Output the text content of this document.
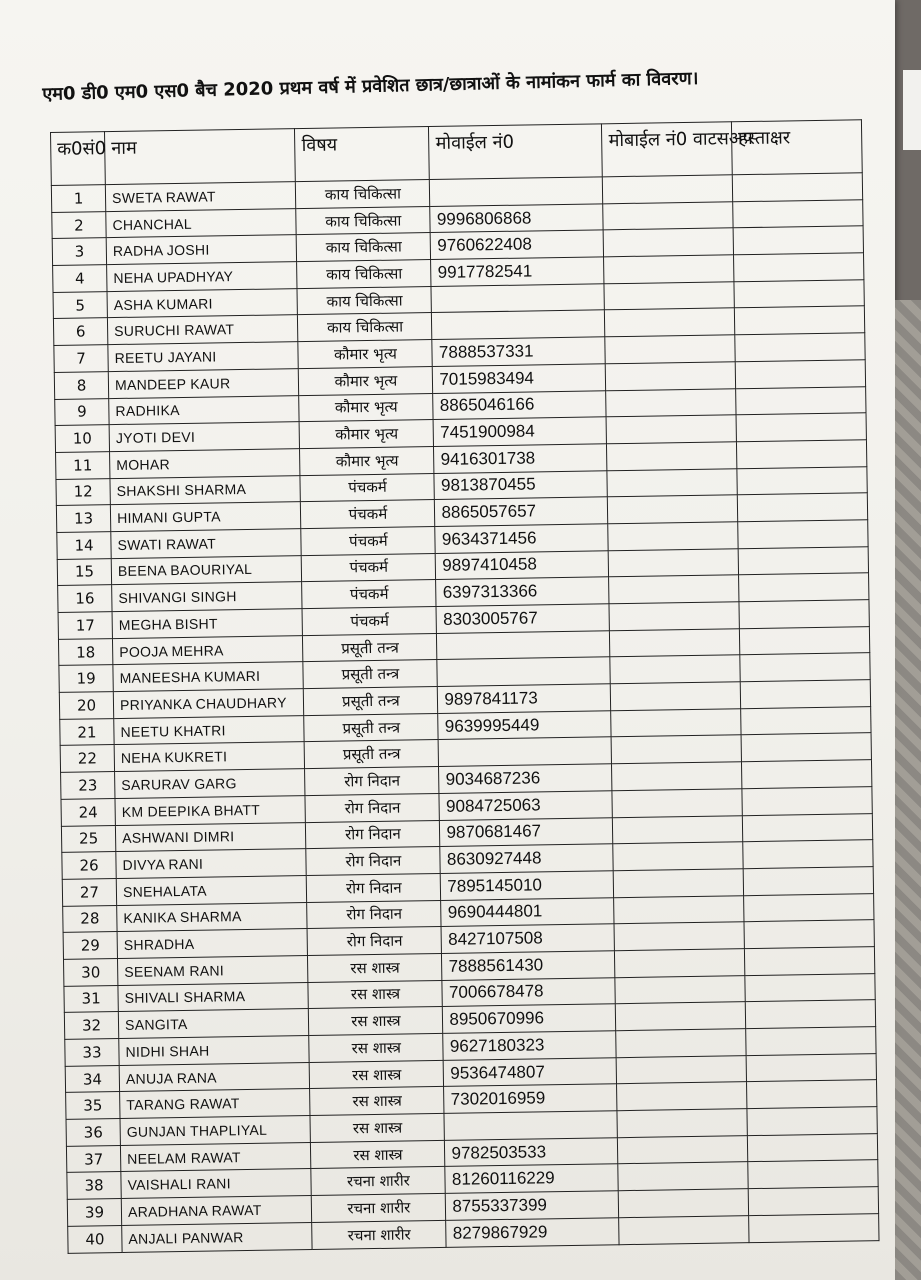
एम0 डी0 एम0 एस0 बैच 2020 प्रथम वर्ष में प्रवेशित छात्र/छात्राओं के नामांकन फार्म का विवरण।
क0सं0	नाम	विषय	मोवाईल नं0	मोबाईल नं0 वाटसअप	हस्ताक्षर
1	SWETA RAWAT	काय चिकित्सा			
2	CHANCHAL	काय चिकित्सा	9996806868		
3	RADHA JOSHI	काय चिकित्सा	9760622408		
4	NEHA UPADHYAY	काय चिकित्सा	9917782541		
5	ASHA KUMARI	काय चिकित्सा			
6	SURUCHI RAWAT	काय चिकित्सा			
7	REETU JAYANI	कौमार भृत्य	7888537331		
8	MANDEEP KAUR	कौमार भृत्य	7015983494		
9	RADHIKA	कौमार भृत्य	8865046166		
10	JYOTI DEVI	कौमार भृत्य	7451900984		
11	MOHAR	कौमार भृत्य	9416301738		
12	SHAKSHI SHARMA	पंचकर्म	9813870455		
13	HIMANI GUPTA	पंचकर्म	8865057657		
14	SWATI RAWAT	पंचकर्म	9634371456		
15	BEENA BAOURIYAL	पंचकर्म	9897410458		
16	SHIVANGI SINGH	पंचकर्म	6397313366		
17	MEGHA BISHT	पंचकर्म	8303005767		
18	POOJA MEHRA	प्रसूती तन्त्र			
19	MANEESHA KUMARI	प्रसूती तन्त्र			
20	PRIYANKA CHAUDHARY	प्रसूती तन्त्र	9897841173		
21	NEETU KHATRI	प्रसूती तन्त्र	9639995449		
22	NEHA KUKRETI	प्रसूती तन्त्र			
23	SARURAV GARG	रोग निदान	9034687236		
24	KM DEEPIKA BHATT	रोग निदान	9084725063		
25	ASHWANI DIMRI	रोग निदान	9870681467		
26	DIVYA RANI	रोग निदान	8630927448		
27	SNEHALATA	रोग निदान	7895145010		
28	KANIKA SHARMA	रोग निदान	9690444801		
29	SHRADHA	रोग निदान	8427107508		
30	SEENAM RANI	रस शास्त्र	7888561430		
31	SHIVALI SHARMA	रस शास्त्र	7006678478		
32	SANGITA	रस शास्त्र	8950670996		
33	NIDHI SHAH	रस शास्त्र	9627180323		
34	ANUJA RANA	रस शास्त्र	9536474807		
35	TARANG RAWAT	रस शास्त्र	7302016959		
36	GUNJAN THAPLIYAL	रस शास्त्र			
37	NEELAM RAWAT	रस शास्त्र	9782503533		
38	VAISHALI RANI	रचना शारीर	81260116229		
39	ARADHANA RAWAT	रचना शारीर	8755337399		
40	ANJALI PANWAR	रचना शारीर	8279867929		
